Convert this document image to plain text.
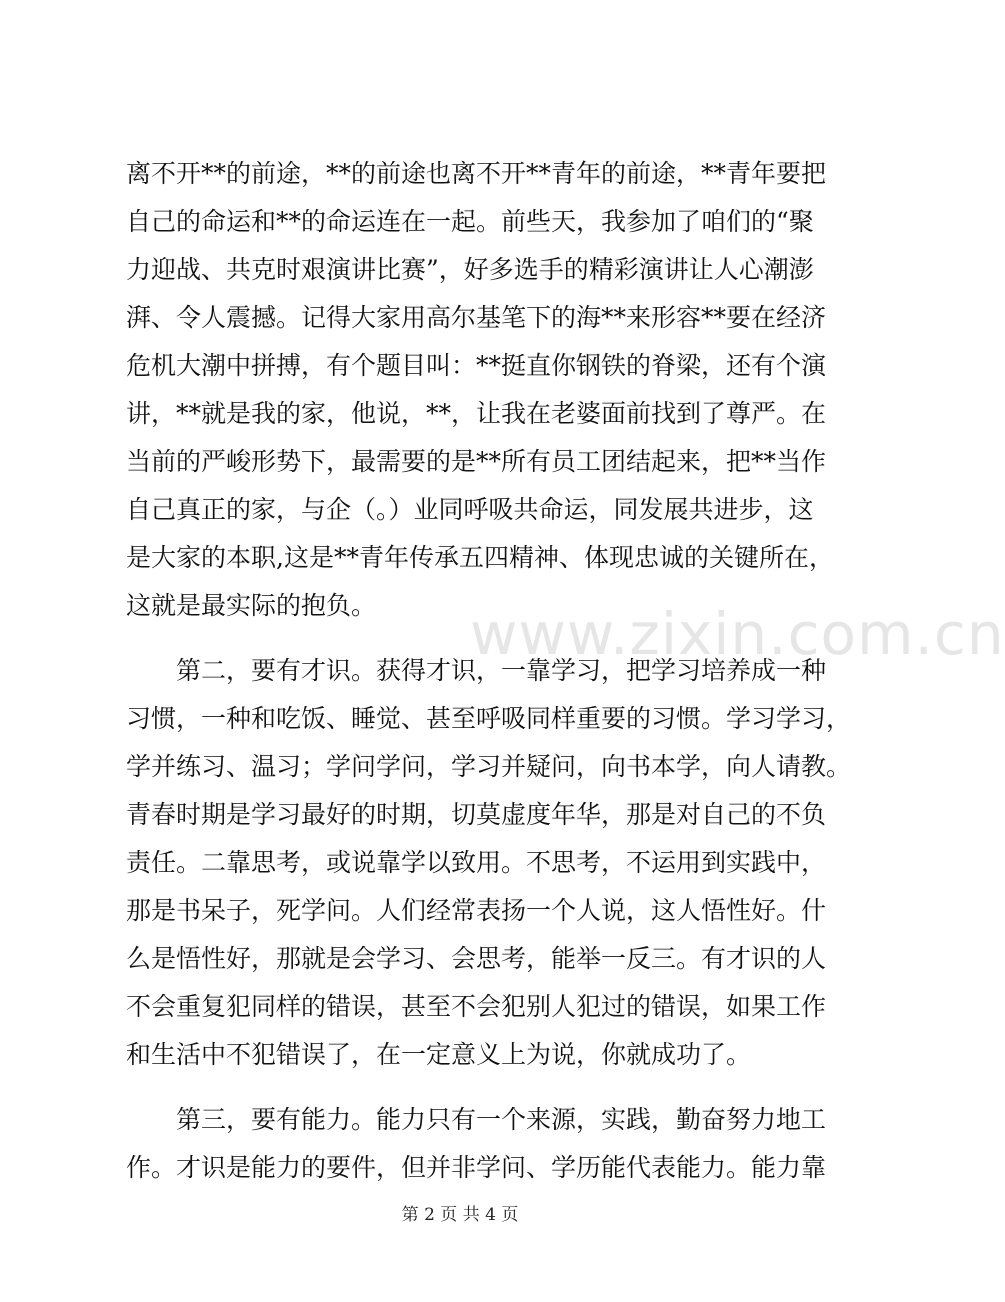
离不开**的前途，**的前途也离不开**青年的前途，**青年要把
自己的命运和**的命运连在一起。前些天，我参加了咱们的“聚
力迎战、共克时艰演讲比赛”，好多选手的精彩演讲让人心潮澎
湃、令人震撼。记得大家用高尔基笔下的海**来形容**要在经济
危机大潮中拼搏，有个题目叫：**挺直你钢铁的脊梁，还有个演
讲，**就是我的家，他说，**，让我在老婆面前找到了尊严。在
当前的严峻形势下，最需要的是**所有员工团结起来，把**当作
自己真正的家，与企（。）业同呼吸共命运，同发展共进步，这
是大家的本职,这是**青年传承五四精神、体现忠诚的关键所在，
这就是最实际的抱负。
第二，要有才识。获得才识，一靠学习，把学习培养成一种
习惯，一种和吃饭、睡觉、甚至呼吸同样重要的习惯。学习学习，
学并练习、温习；学问学问，学习并疑问，向书本学，向人请教。
青春时期是学习最好的时期，切莫虚度年华，那是对自己的不负
责任。二靠思考，或说靠学以致用。不思考，不运用到实践中，
那是书呆子，死学问。人们经常表扬一个人说，这人悟性好。什
么是悟性好，那就是会学习、会思考，能举一反三。有才识的人
不会重复犯同样的错误，甚至不会犯别人犯过的错误，如果工作
和生活中不犯错误了，在一定意义上为说，你就成功了。
第三，要有能力。能力只有一个来源，实践，勤奋努力地工
作。才识是能力的要件，但并非学问、学历能代表能力。能力靠
www.zixin.com.cn
第 2 页 共 4 页
